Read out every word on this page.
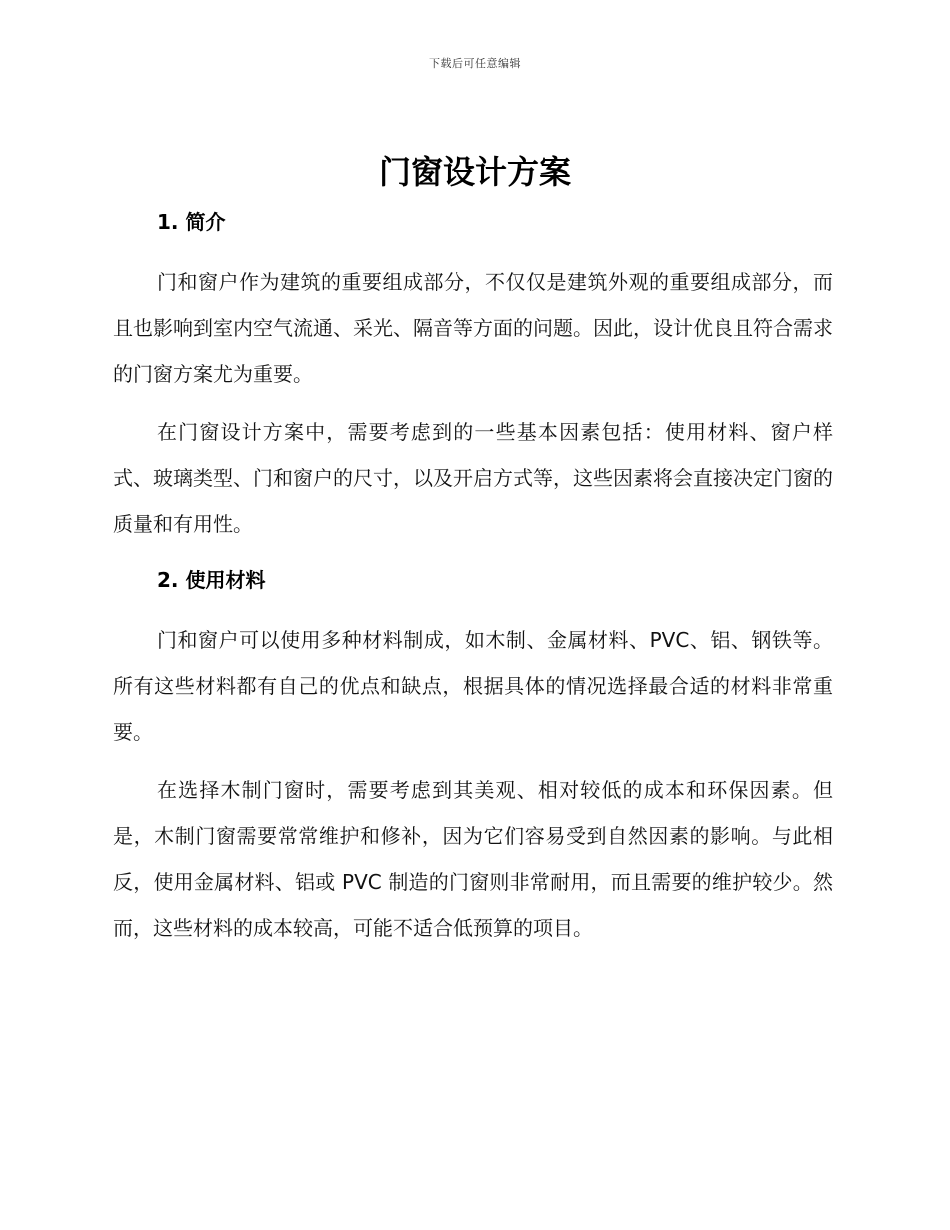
下载后可任意编辑
门窗设计方案
1. 简介

门和窗户作为建筑的重要组成部分，不仅仅是建筑外观的重要组成部分，而且也影响到室内空气流通、采光、隔音等方面的问题。因此，设计优良且符合需求的门窗方案尤为重要。

在门窗设计方案中，需要考虑到的一些基本因素包括：使用材料、窗户样式、玻璃类型、门和窗户的尺寸，以及开启方式等，这些因素将会直接决定门窗的质量和有用性。

2. 使用材料

门和窗户可以使用多种材料制成，如木制、金属材料、PVC、铝、钢铁等。所有这些材料都有自己的优点和缺点，根据具体的情况选择最合适的材料非常重要。

在选择木制门窗时，需要考虑到其美观、相对较低的成本和环保因素。但是，木制门窗需要常常维护和修补，因为它们容易受到自然因素的影响。与此相反，使用金属材料、铝或 PVC 制造的门窗则非常耐用，而且需要的维护较少。然而，这些材料的成本较高，可能不适合低预算的项目。
